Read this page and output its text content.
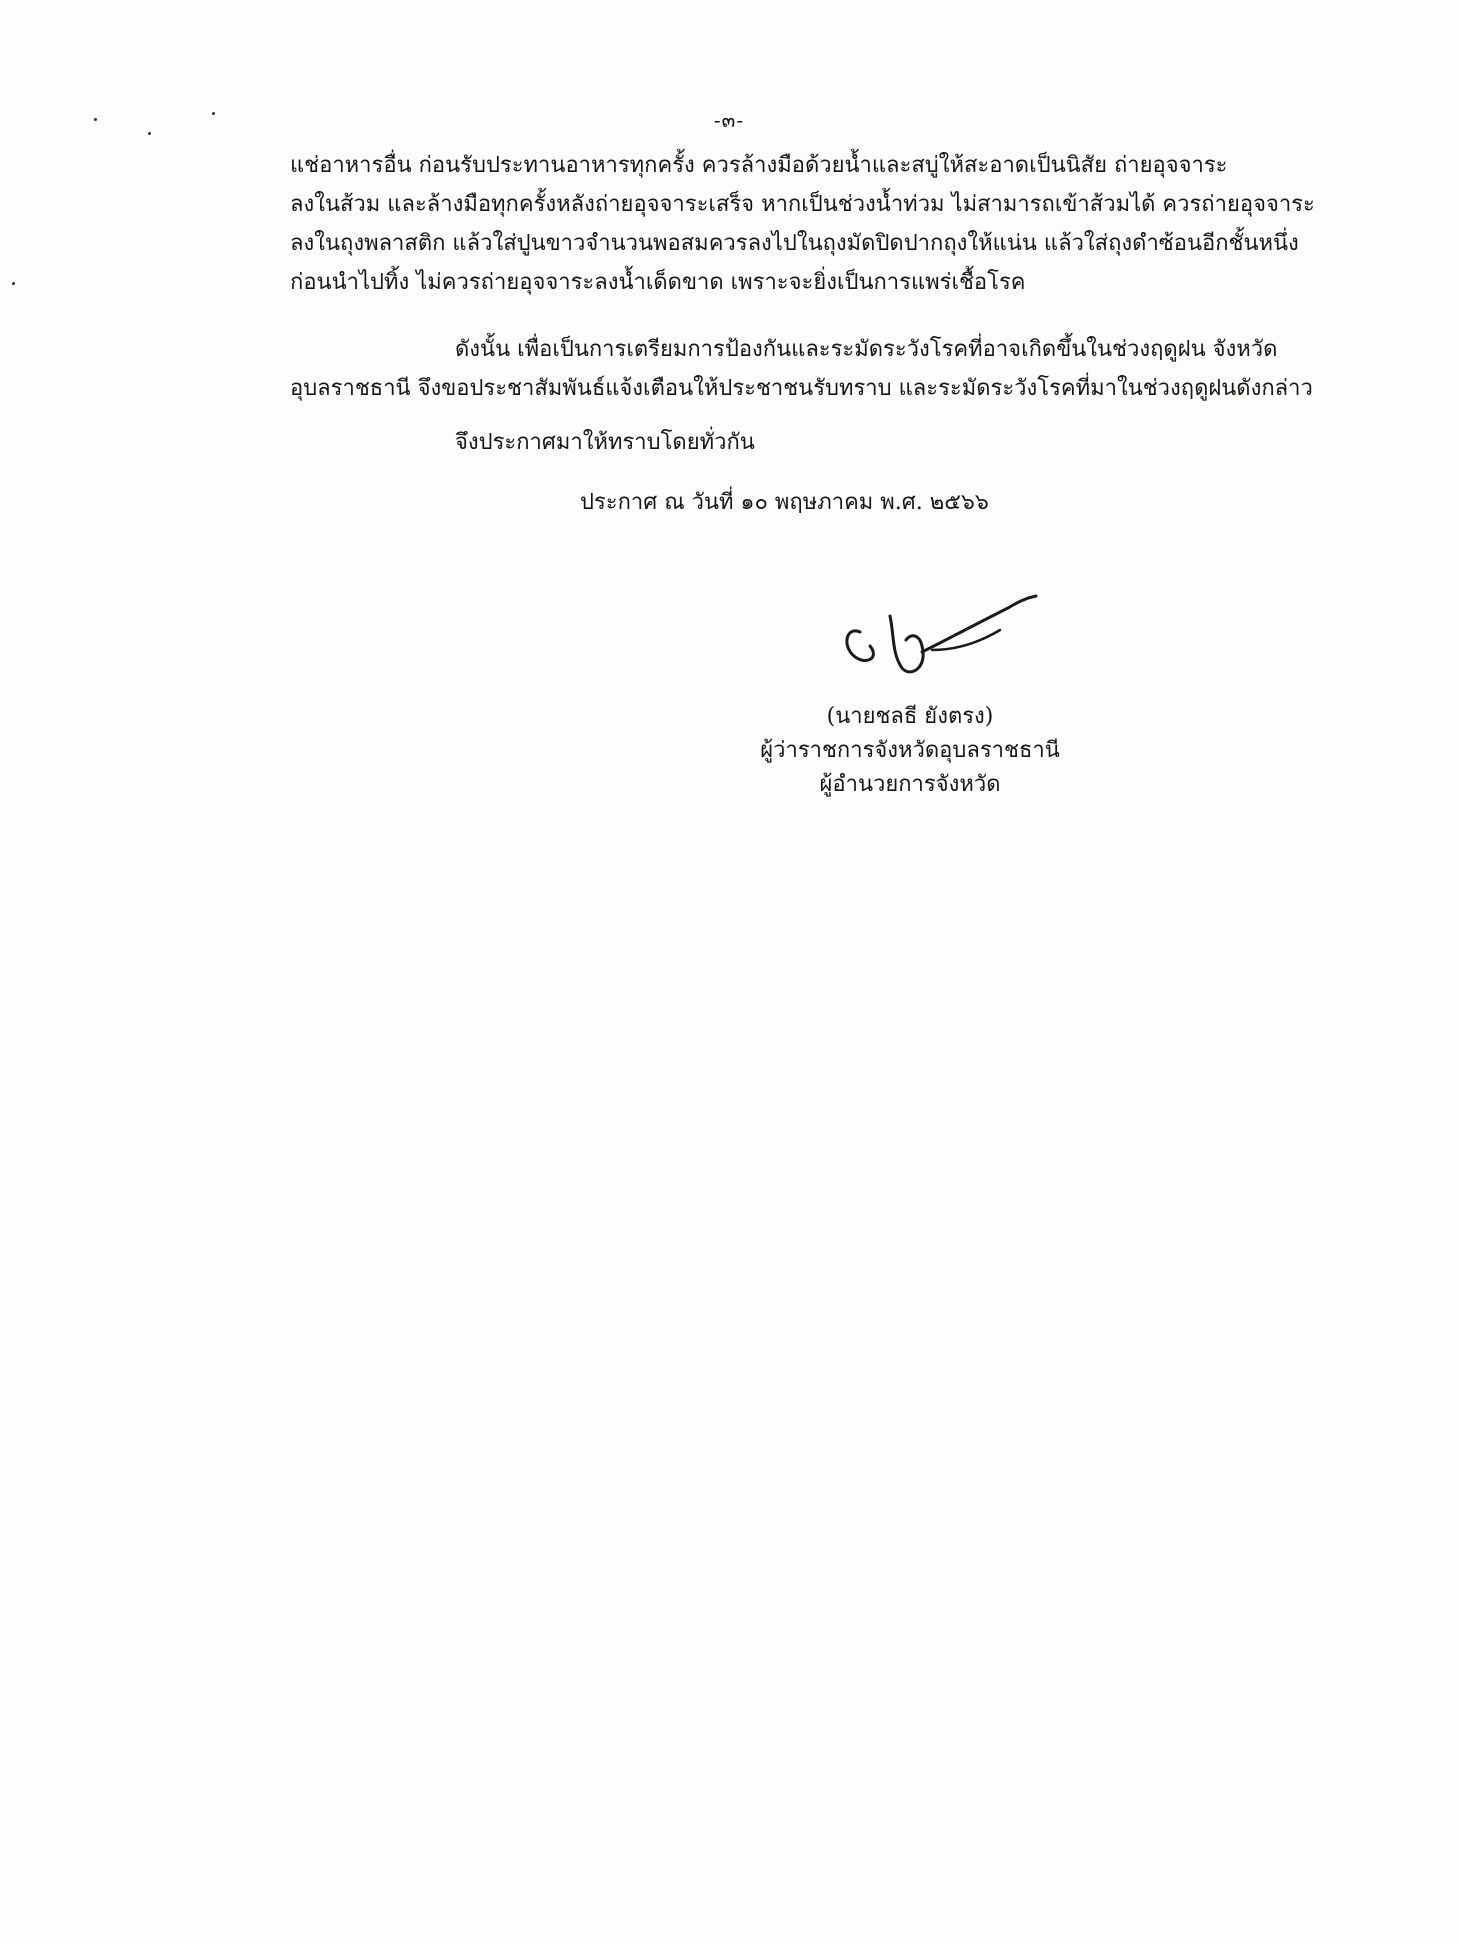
-๓-

แช่อาหารอื่น ก่อนรับประทานอาหารทุกครั้ง ควรล้างมือด้วยน้ำและสบู่ให้สะอาดเป็นนิสัย ถ่ายอุจจาระ
ลงในส้วม และล้างมือทุกครั้งหลังถ่ายอุจจาระเสร็จ หากเป็นช่วงน้ำท่วม ไม่สามารถเข้าส้วมได้ ควรถ่ายอุจจาระ
ลงในถุงพลาสติก แล้วใส่ปูนขาวจำนวนพอสมควรลงไปในถุงมัดปิดปากถุงให้แน่น แล้วใส่ถุงดำซ้อนอีกชั้นหนึ่ง
ก่อนนำไปทิ้ง ไม่ควรถ่ายอุจจาระลงน้ำเด็ดขาด เพราะจะยิ่งเป็นการแพร่เชื้อโรค

ดังนั้น เพื่อเป็นการเตรียมการป้องกันและระมัดระวังโรคที่อาจเกิดขึ้นในช่วงฤดูฝน จังหวัด
อุบลราชธานี จึงขอประชาสัมพันธ์แจ้งเตือนให้ประชาชนรับทราบ และระมัดระวังโรคที่มาในช่วงฤดูฝนดังกล่าว

จึงประกาศมาให้ทราบโดยทั่วกัน

ประกาศ ณ วันที่ ๑๐ พฤษภาคม พ.ศ. ๒๕๖๖

(นายชลธี ยังตรง)
ผู้ว่าราชการจังหวัดอุบลราชธานี
ผู้อำนวยการจังหวัด
